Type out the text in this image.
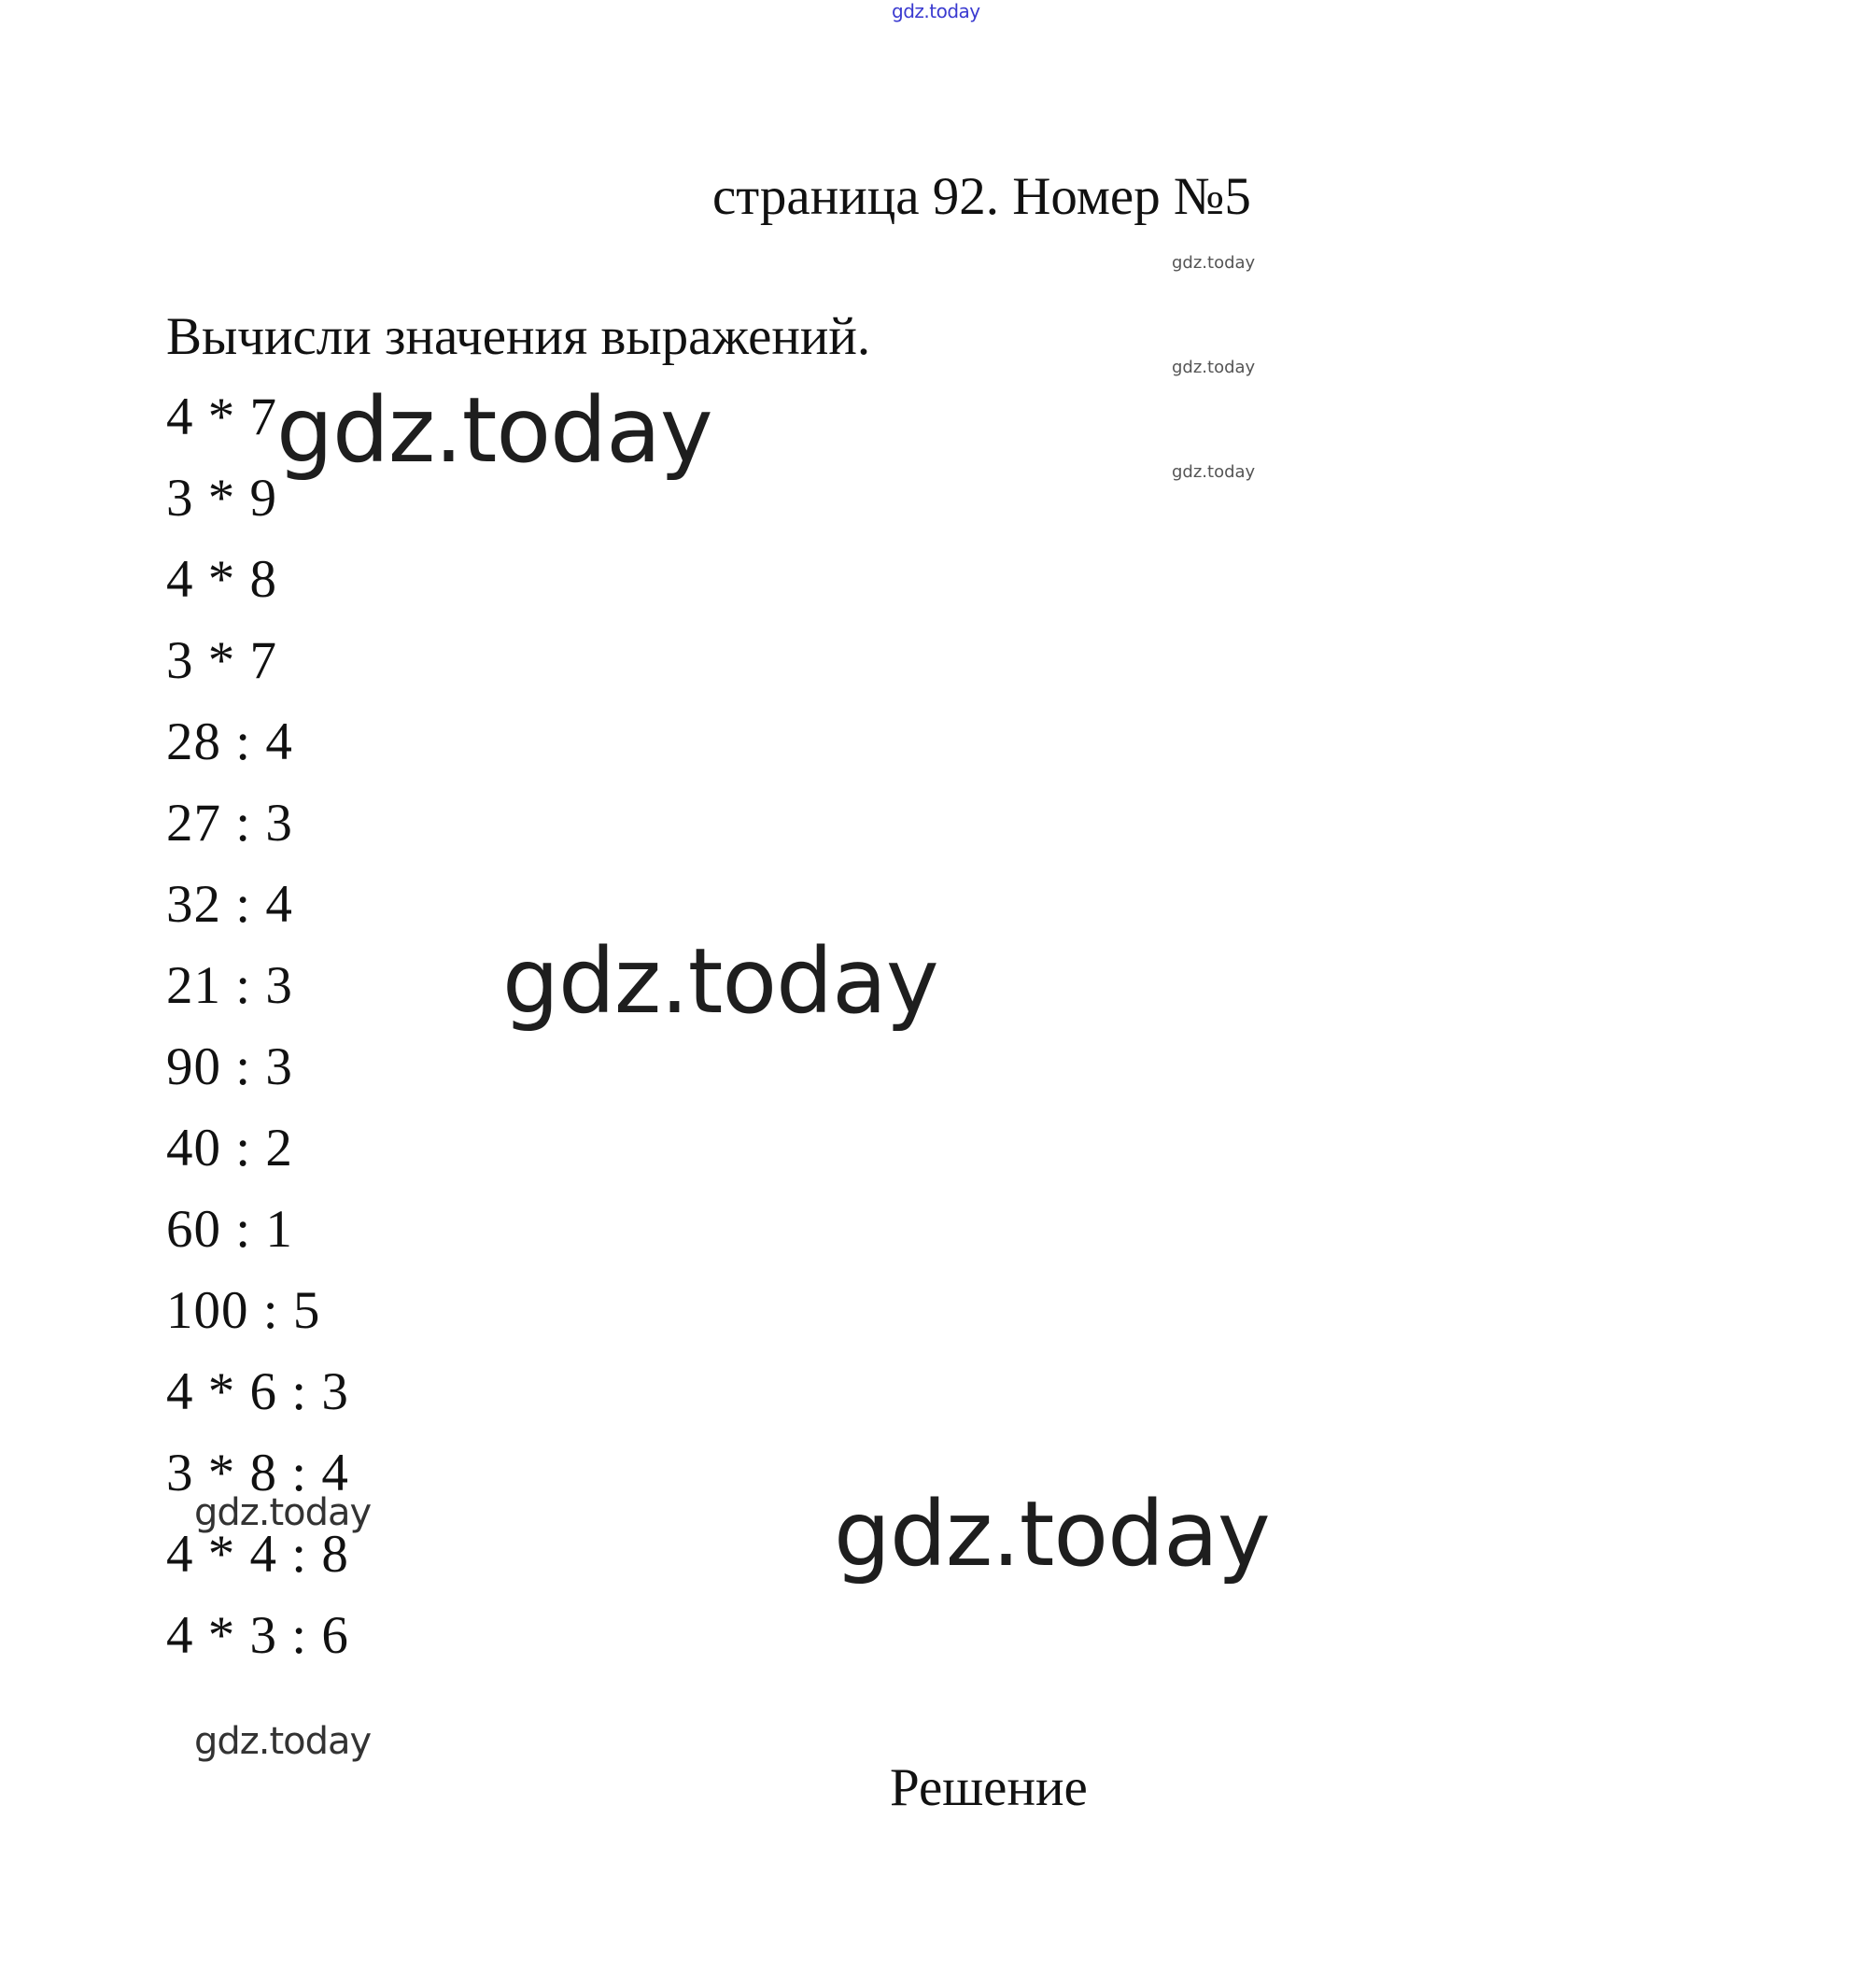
gdz.today
страница 92. Номер №5
Вычисли значения выражений.
4 * 7
3 * 9
4 * 8
3 * 7
28 : 4
27 : 3
32 : 4
21 : 3
90 : 3
40 : 2
60 : 1
100 : 5
4 * 6 : 3
3 * 8 : 4
4 * 4 : 8
4 * 3 : 6
Решение
gdz.today
gdz.today
gdz.today
gdz.today
gdz.today
gdz.today
gdz.today
gdz.today
